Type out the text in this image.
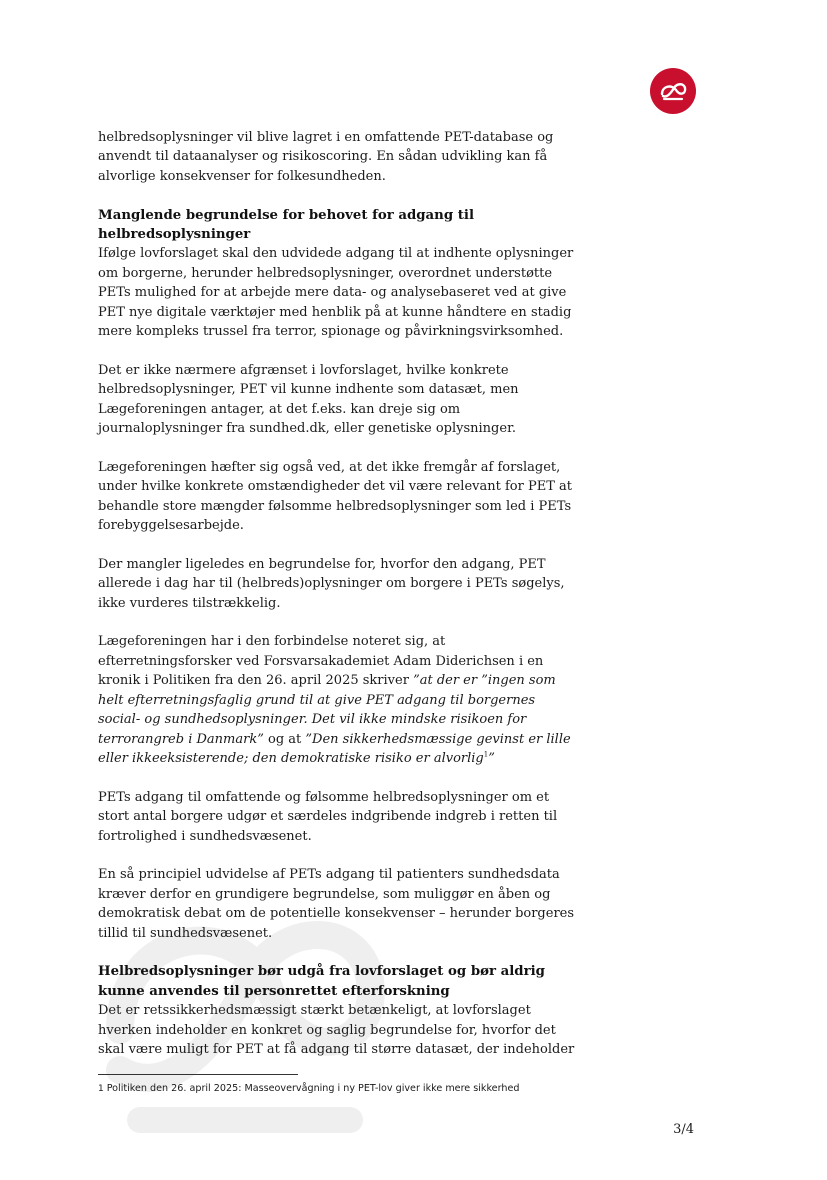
helbredsoplysninger vil blive lagret i en omfattende PET-database og anvendt til dataanalyser og risikoscoring. En sådan udvikling kan få alvorlige konsekvenser for folkesundheden.

Manglende begrundelse for behovet for adgang til helbredsoplysninger

Ifølge lovforslaget skal den udvidede adgang til at indhente oplysninger om borgerne, herunder helbredsoplysninger, overordnet understøtte PETs mulighed for at arbejde mere data- og analysebaseret ved at give PET nye digitale værktøjer med henblik på at kunne håndtere en stadig mere kompleks trussel fra terror, spionage og påvirkningsvirksomhed.

Det er ikke nærmere afgrænset i lovforslaget, hvilke konkrete helbredsoplysninger, PET vil kunne indhente som datasæt, men Lægeforeningen antager, at det f.eks. kan dreje sig om journaloplysninger fra sundhed.dk, eller genetiske oplysninger.

Lægeforeningen hæfter sig også ved, at det ikke fremgår af forslaget, under hvilke konkrete omstændigheder det vil være relevant for PET at behandle store mængder følsomme helbredsoplysninger som led i PETs forebyggelsesarbejde.

Der mangler ligeledes en begrundelse for, hvorfor den adgang, PET allerede i dag har til (helbreds)oplysninger om borgere i PETs søgelys, ikke vurderes tilstrækkelig.

Lægeforeningen har i den forbindelse noteret sig, at efterretningsforsker ved Forsvarsakademiet Adam Diderichsen i en kronik i Politiken fra den 26. april 2025 skriver ”at der er ”ingen som helt efterretningsfaglig grund til at give PET adgang til borgernes social- og sundhedsoplysninger. Det vil ikke mindske risikoen for terrorangreb i Danmark” og at ”Den sikkerhedsmæssige gevinst er lille eller ikkeeksisterende; den demokratiske risiko er alvorlig$^1$”

PETs adgang til omfattende og følsomme helbredsoplysninger om et stort antal borgere udgør et særdeles indgribende indgreb i retten til fortrolighed i sundhedsvæsenet.

En så principiel udvidelse af PETs adgang til patienters sundhedsdata kræver derfor en grundigere begrundelse, som muliggør en åben og demokratisk debat om de potentielle konsekvenser – herunder borgeres tillid til sundhedsvæsenet.

Helbredsoplysninger bør udgå fra lovforslaget og bør aldrig kunne anvendes til personrettet efterforskning

Det er retssikkerhedsmæssigt stærkt betænkeligt, at lovforslaget hverken indeholder en konkret og saglig begrundelse for, hvorfor det skal være muligt for PET at få adgang til større datasæt, der indeholder

1 Politiken den 26. april 2025: Masseovervågning i ny PET-lov giver ikke mere sikkerhed
3/4
